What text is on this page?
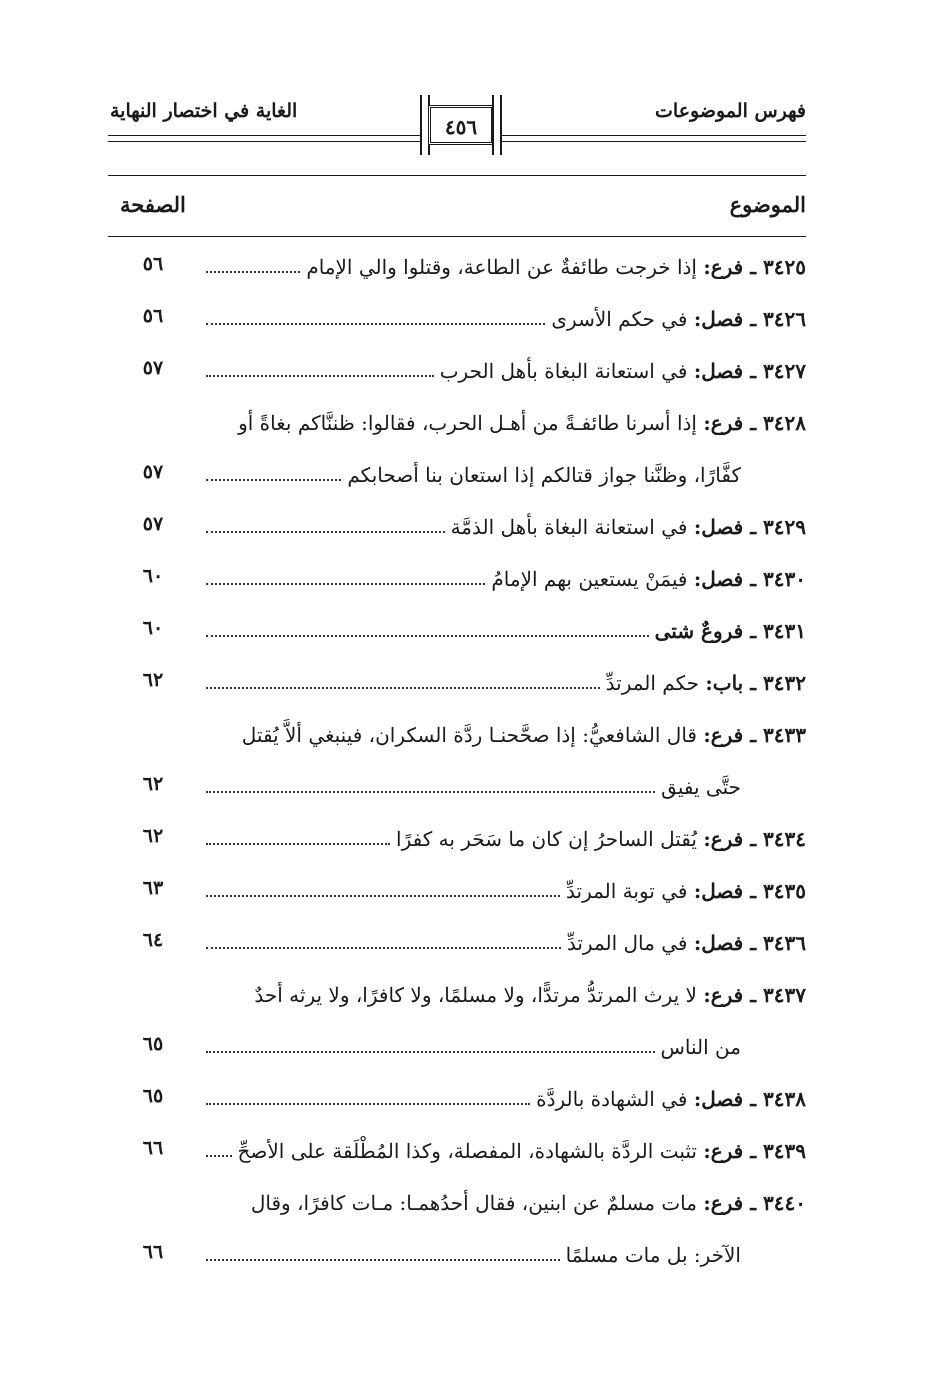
فهرس الموضوعات
الغاية في اختصار النهاية
٤٥٦
الموضوع
الصفحة
٣٤٢٥ ـ فرع: إذا خرجت طائفةٌ عن الطاعة، وقتلوا والي الإمام
٥٦
٣٤٢٦ ـ فصل: في حكم الأسرى
٥٦
٣٤٢٧ ـ فصل: في استعانة البغاة بأهل الحرب
٥٧
٣٤٢٨ ـ فرع: إذا أسرنا طائفـةً من أهـل الحرب، فقالوا: ظننَّاكم بغاةً أو
كفَّارًا، وظنَّنا جواز قتالكم إذا استعان بنا أصحابكم
٥٧
٣٤٢٩ ـ فصل: في استعانة البغاة بأهل الذمَّة
٥٧
٣٤٣٠ ـ فصل: فيمَنْ يستعين بهم الإمامُ
٦٠
٣٤٣١ ـ فروعٌ شتى
٦٠
٣٤٣٢ ـ باب: حكم المرتدِّ
٦٢
٣٤٣٣ ـ فرع: قال الشافعيُّ: إذا صحَّحنـا ردَّة السكران، فينبغي ألاَّ يُقتل
حتَّى يفيق
٦٢
٣٤٣٤ ـ فرع: يُقتل الساحرُ إن كان ما سَحَر به كفرًا
٦٢
٣٤٣٥ ـ فصل: في توبة المرتدِّ
٦٣
٣٤٣٦ ـ فصل: في مال المرتدِّ
٦٤
٣٤٣٧ ـ فرع: لا يرث المرتدُّ مرتدًّا، ولا مسلمًا، ولا كافرًا، ولا يرثه أحدٌ
من الناس
٦٥
٣٤٣٨ ـ فصل: في الشهادة بالردَّة
٦٥
٣٤٣٩ ـ فرع: تثبت الردَّة بالشهادة، المفصلة، وكذا المُطْلَقة على الأصحِّ
٦٦
٣٤٤٠ ـ فرع: مات مسلمٌ عن ابنين، فقال أحدُهمـا: مـات كافرًا، وقال
الآخر: بل مات مسلمًا
٦٦
